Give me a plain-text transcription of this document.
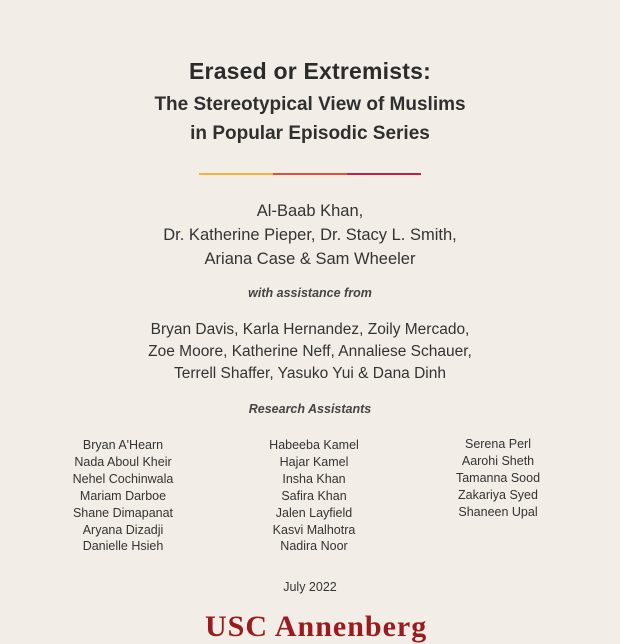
Erased or Extremists:
The Stereotypical View of Muslims
in Popular Episodic Series
Al-Baab Khan,
Dr. Katherine Pieper, Dr. Stacy L. Smith,
Ariana Case & Sam Wheeler
with assistance from
Bryan Davis, Karla Hernandez, Zoily Mercado,
Zoe Moore, Katherine Neff, Annaliese Schauer,
Terrell Shaffer, Yasuko Yui & Dana Dinh
Research Assistants
Bryan A'Hearn
Nada Aboul Kheir
Nehel Cochinwala
Mariam Darboe
Shane Dimapanat
Aryana Dizadji
Danielle Hsieh
Habeeba Kamel
Hajar Kamel
Insha Khan
Safira Khan
Jalen Layfield
Kasvi Malhotra
Nadira Noor
Serena Perl
Aarohi Sheth
Tamanna Sood
Zakariya Syed
Shaneen Upal
July 2022
USC Annenberg
